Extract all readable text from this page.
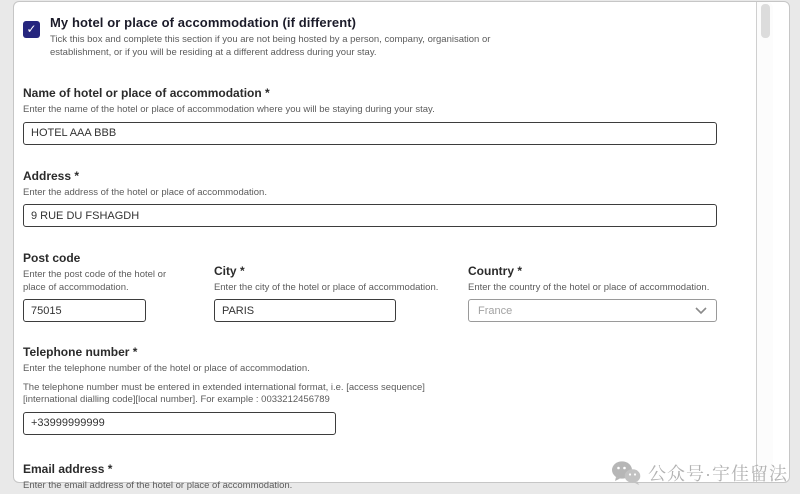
✓ My hotel or place of accommodation (if different)
Tick this box and complete this section if you are not being hosted by a person, company, organisation or establishment, or if you will be residing at a different address during your stay.
Name of hotel or place of accommodation *
Enter the name of the hotel or place of accommodation where you will be staying during your stay.
HOTEL AAA BBB
Address *
Enter the address of the hotel or place of accommodation.
9 RUE DU FSHAGDH
Post code
Enter the post code of the hotel or place of accommodation.
75015
City *
Enter the city of the hotel or place of accommodation.
PARIS
Country *
Enter the country of the hotel or place of accommodation.
France
Telephone number *
Enter the telephone number of the hotel or place of accommodation.
The telephone number must be entered in extended international format, i.e. [access sequence] [international dialling code][local number]. For example : 0033212456789
+33999999999
Email address *
Enter the email address of the hotel or place of accommodation.
公众号·宇佳留法
